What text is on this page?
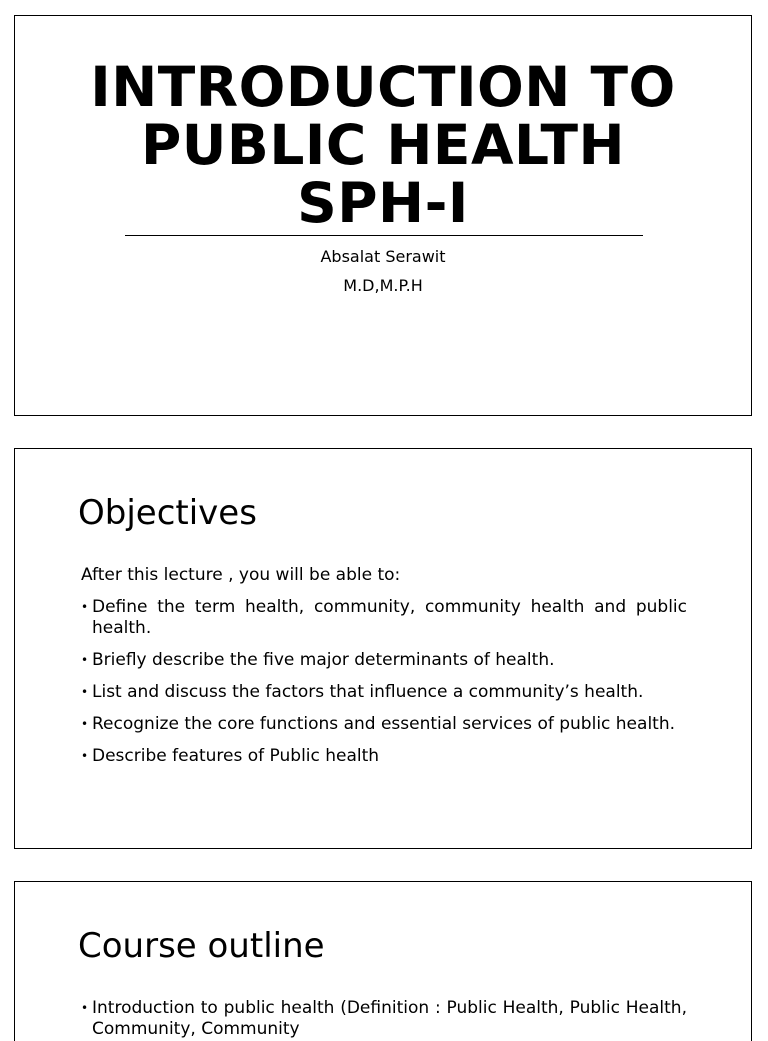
INTRODUCTION TO
PUBLIC HEALTH
SPH-I
Absalat Serawit
M.D,M.P.H
Objectives
After this lecture , you will be able to:
• Define the term health, community, community health and public health.
• Briefly describe the five major determinants of health.
• List and discuss the factors that influence a community’s health.
• Recognize the core functions and essential services of public health.
• Describe features of Public health
Course outline
• Introduction to public health (Definition : Public Health, Public Health, Community, Community
